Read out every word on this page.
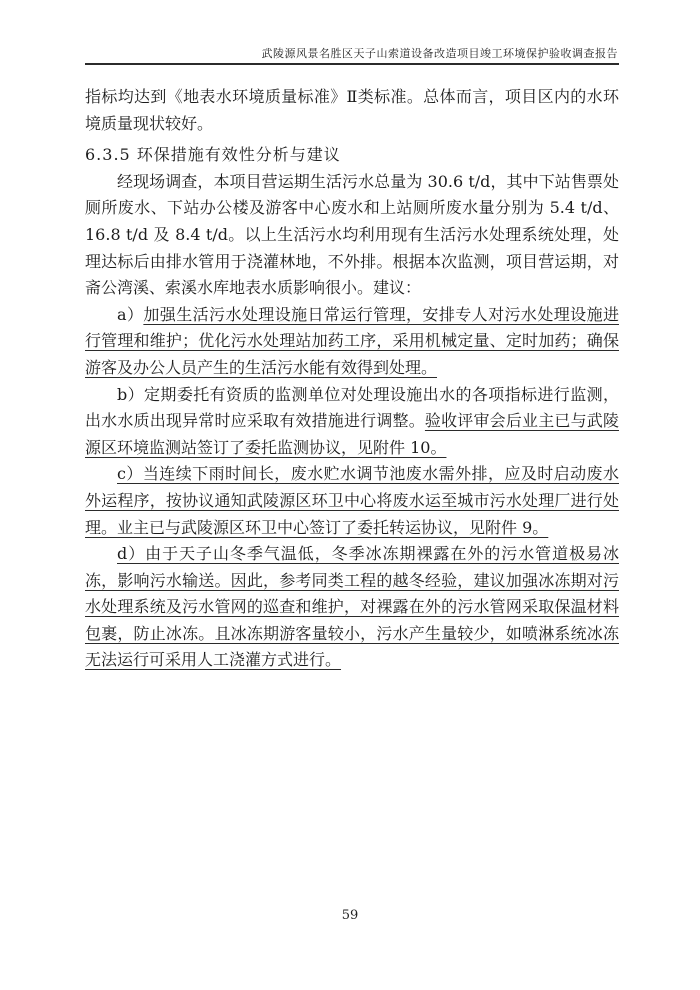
武陵源风景名胜区天子山索道设备改造项目竣工环境保护验收调查报告

指标均达到《地表水环境质量标准》Ⅱ类标准。总体而言，项目区内的水环境质量现状较好。

6.3.5 环保措施有效性分析与建议

经现场调查，本项目营运期生活污水总量为 30.6 t/d，其中下站售票处厕所废水、下站办公楼及游客中心废水和上站厕所废水量分别为 5.4 t/d、16.8 t/d 及 8.4 t/d。以上生活污水均利用现有生活污水处理系统处理，处理达标后由排水管用于浇灌林地，不外排。根据本次监测，项目营运期，对斋公湾溪、索溪水库地表水质影响很小。建议：

a）加强生活污水处理设施日常运行管理，安排专人对污水处理设施进行管理和维护；优化污水处理站加药工序，采用机械定量、定时加药；确保游客及办公人员产生的生活污水能有效得到处理。

b）定期委托有资质的监测单位对处理设施出水的各项指标进行监测，出水水质出现异常时应采取有效措施进行调整。验收评审会后业主已与武陵源区环境监测站签订了委托监测协议，见附件 10。

c）当连续下雨时间长，废水贮水调节池废水需外排，应及时启动废水外运程序，按协议通知武陵源区环卫中心将废水运至城市污水处理厂进行处理。业主已与武陵源区环卫中心签订了委托转运协议，见附件 9。

d）由于天子山冬季气温低，冬季冰冻期裸露在外的污水管道极易冰冻，影响污水输送。因此，参考同类工程的越冬经验，建议加强冰冻期对污水处理系统及污水管网的巡查和维护，对裸露在外的污水管网采取保温材料包裹，防止冰冻。且冰冻期游客量较小，污水产生量较少，如喷淋系统冰冻无法运行可采用人工浇灌方式进行。

59
